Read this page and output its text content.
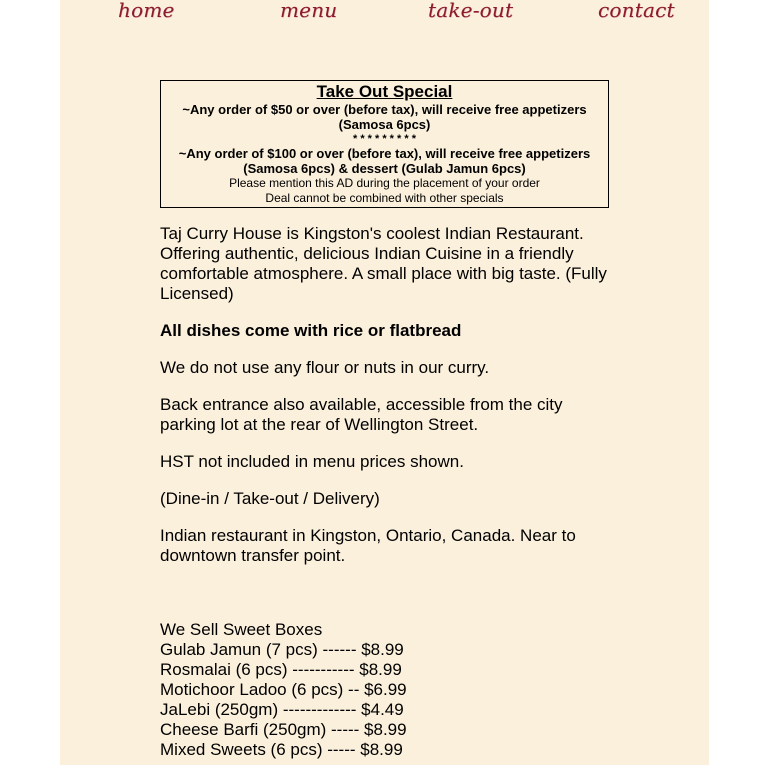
home	menu	take-out	contact
Take Out Special
~Any order of $50 or over (before tax), will receive free appetizers
(Samosa 6pcs)
* * * * * * * * *
~Any order of $100 or over (before tax), will receive free appetizers
(Samosa 6pcs) & dessert (Gulab Jamun 6pcs)
Please mention this AD during the placement of your order
Deal cannot be combined with other specials

Taj Curry House is Kingston's coolest Indian Restaurant. Offering authentic, delicious Indian Cuisine in a friendly comfortable atmosphere. A small place with big taste. (Fully Licensed)

All dishes come with rice or flatbread

We do not use any flour or nuts in our curry.

Back entrance also available, accessible from the city parking lot at the rear of Wellington Street.

HST not included in menu prices shown.

(Dine-in / Take-out / Delivery)

Indian restaurant in Kingston, Ontario, Canada. Near to downtown transfer point.

We Sell Sweet Boxes
Gulab Jamun (7 pcs) ------ $8.99
Rosmalai (6 pcs) ----------- $8.99
Motichoor Ladoo (6 pcs) -- $6.99
JaLebi (250gm) ------------- $4.49
Cheese Barfi (250gm) ----- $8.99
Mixed Sweets (6 pcs) ----- $8.99
